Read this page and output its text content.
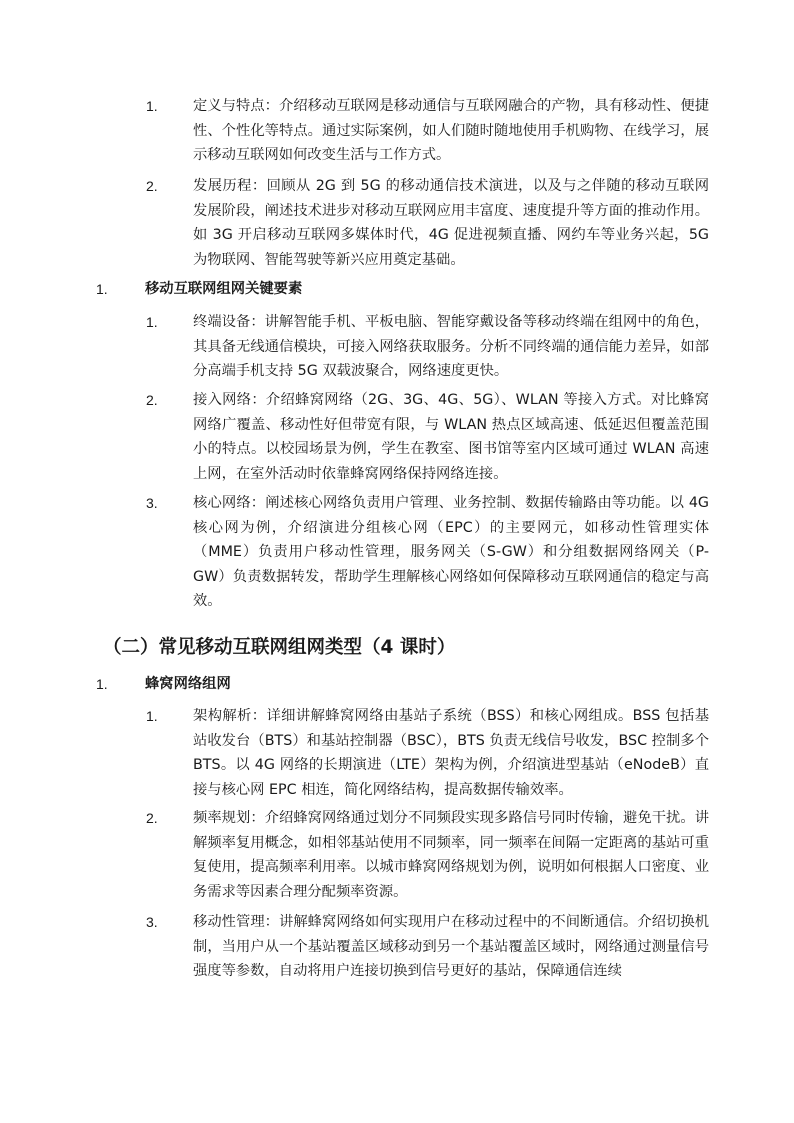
1. 定义与特点：介绍移动互联网是移动通信与互联网融合的产物，具有移动性、便捷性、个性化等特点。通过实际案例，如人们随时随地使用手机购物、在线学习，展示移动互联网如何改变生活与工作方式。
2. 发展历程：回顾从 2G 到 5G 的移动通信技术演进，以及与之伴随的移动互联网发展阶段，阐述技术进步对移动互联网应用丰富度、速度提升等方面的推动作用。如 3G 开启移动互联网多媒体时代，4G 促进视频直播、网约车等业务兴起，5G 为物联网、智能驾驶等新兴应用奠定基础。
1.	移动互联网组网关键要素
1. 终端设备：讲解智能手机、平板电脑、智能穿戴设备等移动终端在组网中的角色，其具备无线通信模块，可接入网络获取服务。分析不同终端的通信能力差异，如部分高端手机支持 5G 双载波聚合，网络速度更快。
2. 接入网络：介绍蜂窝网络（2G、3G、4G、5G）、WLAN 等接入方式。对比蜂窝网络广覆盖、移动性好但带宽有限，与 WLAN 热点区域高速、低延迟但覆盖范围小的特点。以校园场景为例，学生在教室、图书馆等室内区域可通过 WLAN 高速上网，在室外活动时依靠蜂窝网络保持网络连接。
3. 核心网络：阐述核心网络负责用户管理、业务控制、数据传输路由等功能。以 4G 核心网为例，介绍演进分组核心网（EPC）的主要网元，如移动性管理实体（MME）负责用户移动性管理，服务网关（S-GW）和分组数据网络网关（P-GW）负责数据转发，帮助学生理解核心网络如何保障移动互联网通信的稳定与高效。
（二）常见移动互联网组网类型（4 课时）
1.	蜂窝网络组网
1. 架构解析：详细讲解蜂窝网络由基站子系统（BSS）和核心网组成。BSS 包括基站收发台（BTS）和基站控制器（BSC），BTS 负责无线信号收发，BSC 控制多个 BTS。以 4G 网络的长期演进（LTE）架构为例，介绍演进型基站（eNodeB）直接与核心网 EPC 相连，简化网络结构，提高数据传输效率。
2. 频率规划：介绍蜂窝网络通过划分不同频段实现多路信号同时传输，避免干扰。讲解频率复用概念，如相邻基站使用不同频率，同一频率在间隔一定距离的基站可重复使用，提高频率利用率。以城市蜂窝网络规划为例，说明如何根据人口密度、业务需求等因素合理分配频率资源。
3. 移动性管理：讲解蜂窝网络如何实现用户在移动过程中的不间断通信。介绍切换机制，当用户从一个基站覆盖区域移动到另一个基站覆盖区域时，网络通过测量信号强度等参数，自动将用户连接切换到信号更好的基站，保障通信连续
